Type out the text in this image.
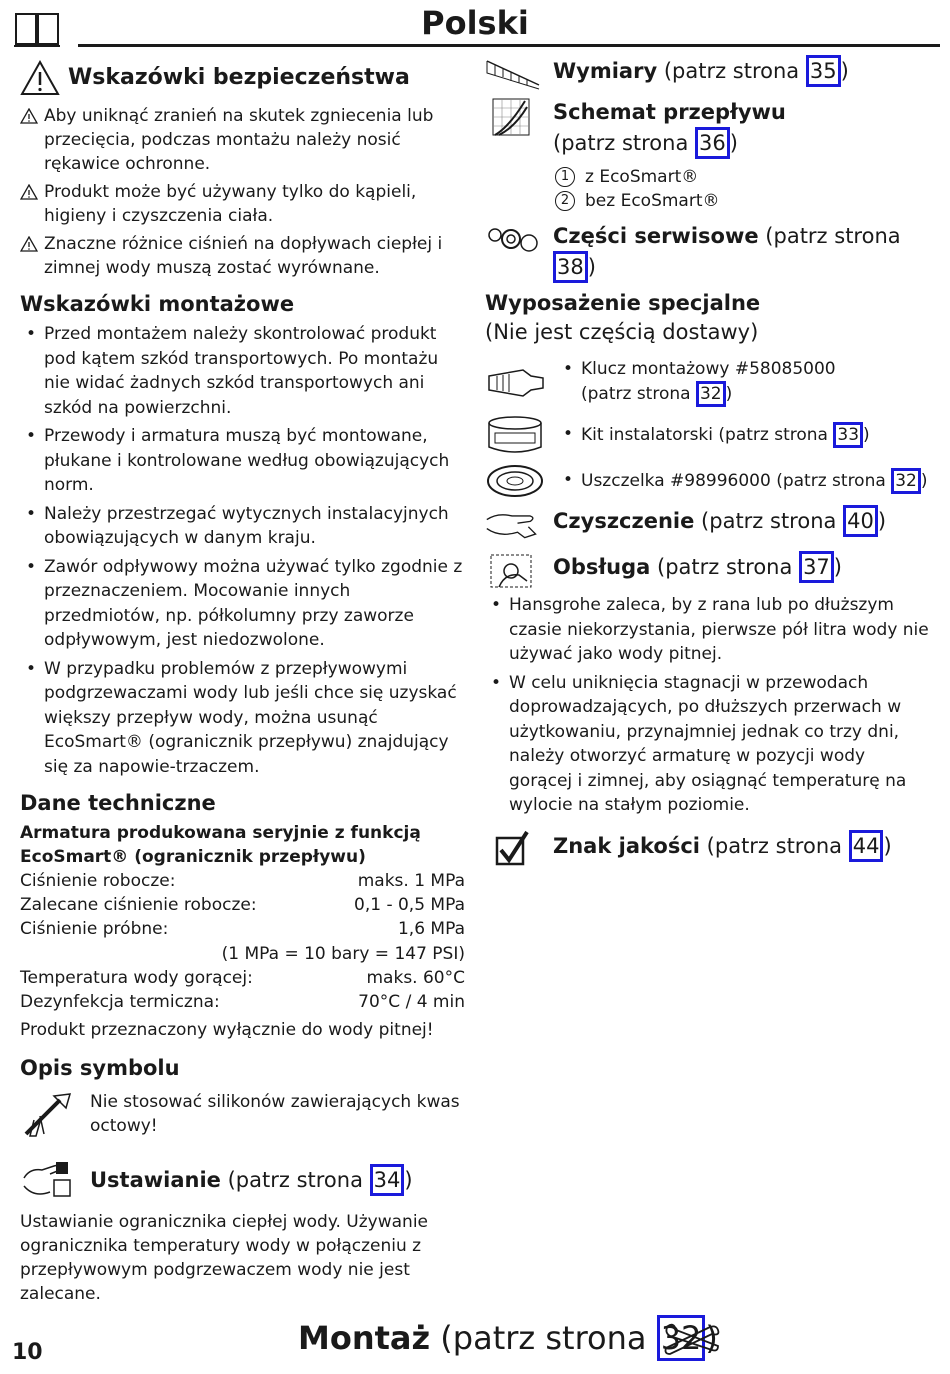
Polski
Wskazówki bezpieczeństwa
Aby uniknąć zranień na skutek zgniecenia lub przecięcia, podczas montażu należy nosić rękawice ochronne.
Produkt może być używany tylko do kąpieli, higieny i czyszczenia ciała.
Znaczne różnice ciśnień na dopływach ciepłej i zimnej wody muszą zostać wyrównane.
Wskazówki montażowe
• Przed montażem należy skontrolować produkt pod kątem szkód transportowych. Po montażu nie widać żadnych szkód transportowych ani szkód na powierzchni.
• Przewody i armatura muszą być montowane, płukane i kontrolowane według obowiązujących norm.
• Należy przestrzegać wytycznych instalacyjnych obowiązujących w danym kraju.
• Zawór odpływowy można używać tylko zgodnie z przeznaczeniem. Mocowanie innych przedmiotów, np. półkolumny przy zaworze odpływowym, jest niedozwolone.
• W przypadku problemów z przepływowymi podgrzewaczami wody lub jeśli chce się uzyskać większy przepływ wody, można usunąć EcoSmart® (ogranicznik przepływu) znajdujący się za napowie-trzaczem.
Dane techniczne
Armatura produkowana seryjnie z funkcją EcoSmart® (ogranicznik przepływu)
Ciśnienie robocze:	maks. 1 MPa
Zalecane ciśnienie robocze:	0,1 - 0,5 MPa
Ciśnienie próbne:	1,6 MPa
(1 MPa = 10 bary = 147 PSI)
Temperatura wody gorącej:	maks. 60°C
Dezynfekcja termiczna:	70°C / 4 min
Produkt przeznaczony wyłącznie do wody pitnej!
Opis symbolu
Nie stosować silikonów zawierających kwas octowy!
Ustawianie (patrz strona 34 )
Ustawianie ogranicznika ciepłej wody. Używanie ogranicznika temperatury wody w połączeniu z przepływowym podgrzewaczem wody nie jest zalecane.
Wymiary (patrz strona 35 )
Schemat przepływu
(patrz strona 36 )
1 z EcoSmart®
2 bez EcoSmart®
Części serwisowe (patrz strona 38 )
Wyposażenie specjalne
(Nie jest częścią dostawy)
• Klucz montażowy #58085000
(patrz strona 32 )
• Kit instalatorski (patrz strona 33 )
• Uszczelka #98996000 (patrz strona 32 )
Czyszczenie (patrz strona 40 )
Obsługa (patrz strona 37 )
• Hansgrohe zaleca, by z rana lub po dłuższym czasie niekorzystania, pierwsze pół litra wody nie używać jako wody pitnej.
• W celu uniknięcia stagnacji w przewodach doprowadzających, po dłuższych przerwach w użytkowaniu, przynajmniej jednak co trzy dni, należy otworzyć armaturę w pozycji wody gorącej i zimnej, aby osiągnąć temperaturę na wylocie na stałym poziomie.
Znak jakości (patrz strona 44 )
10	Montaż (patrz strona 32 )
